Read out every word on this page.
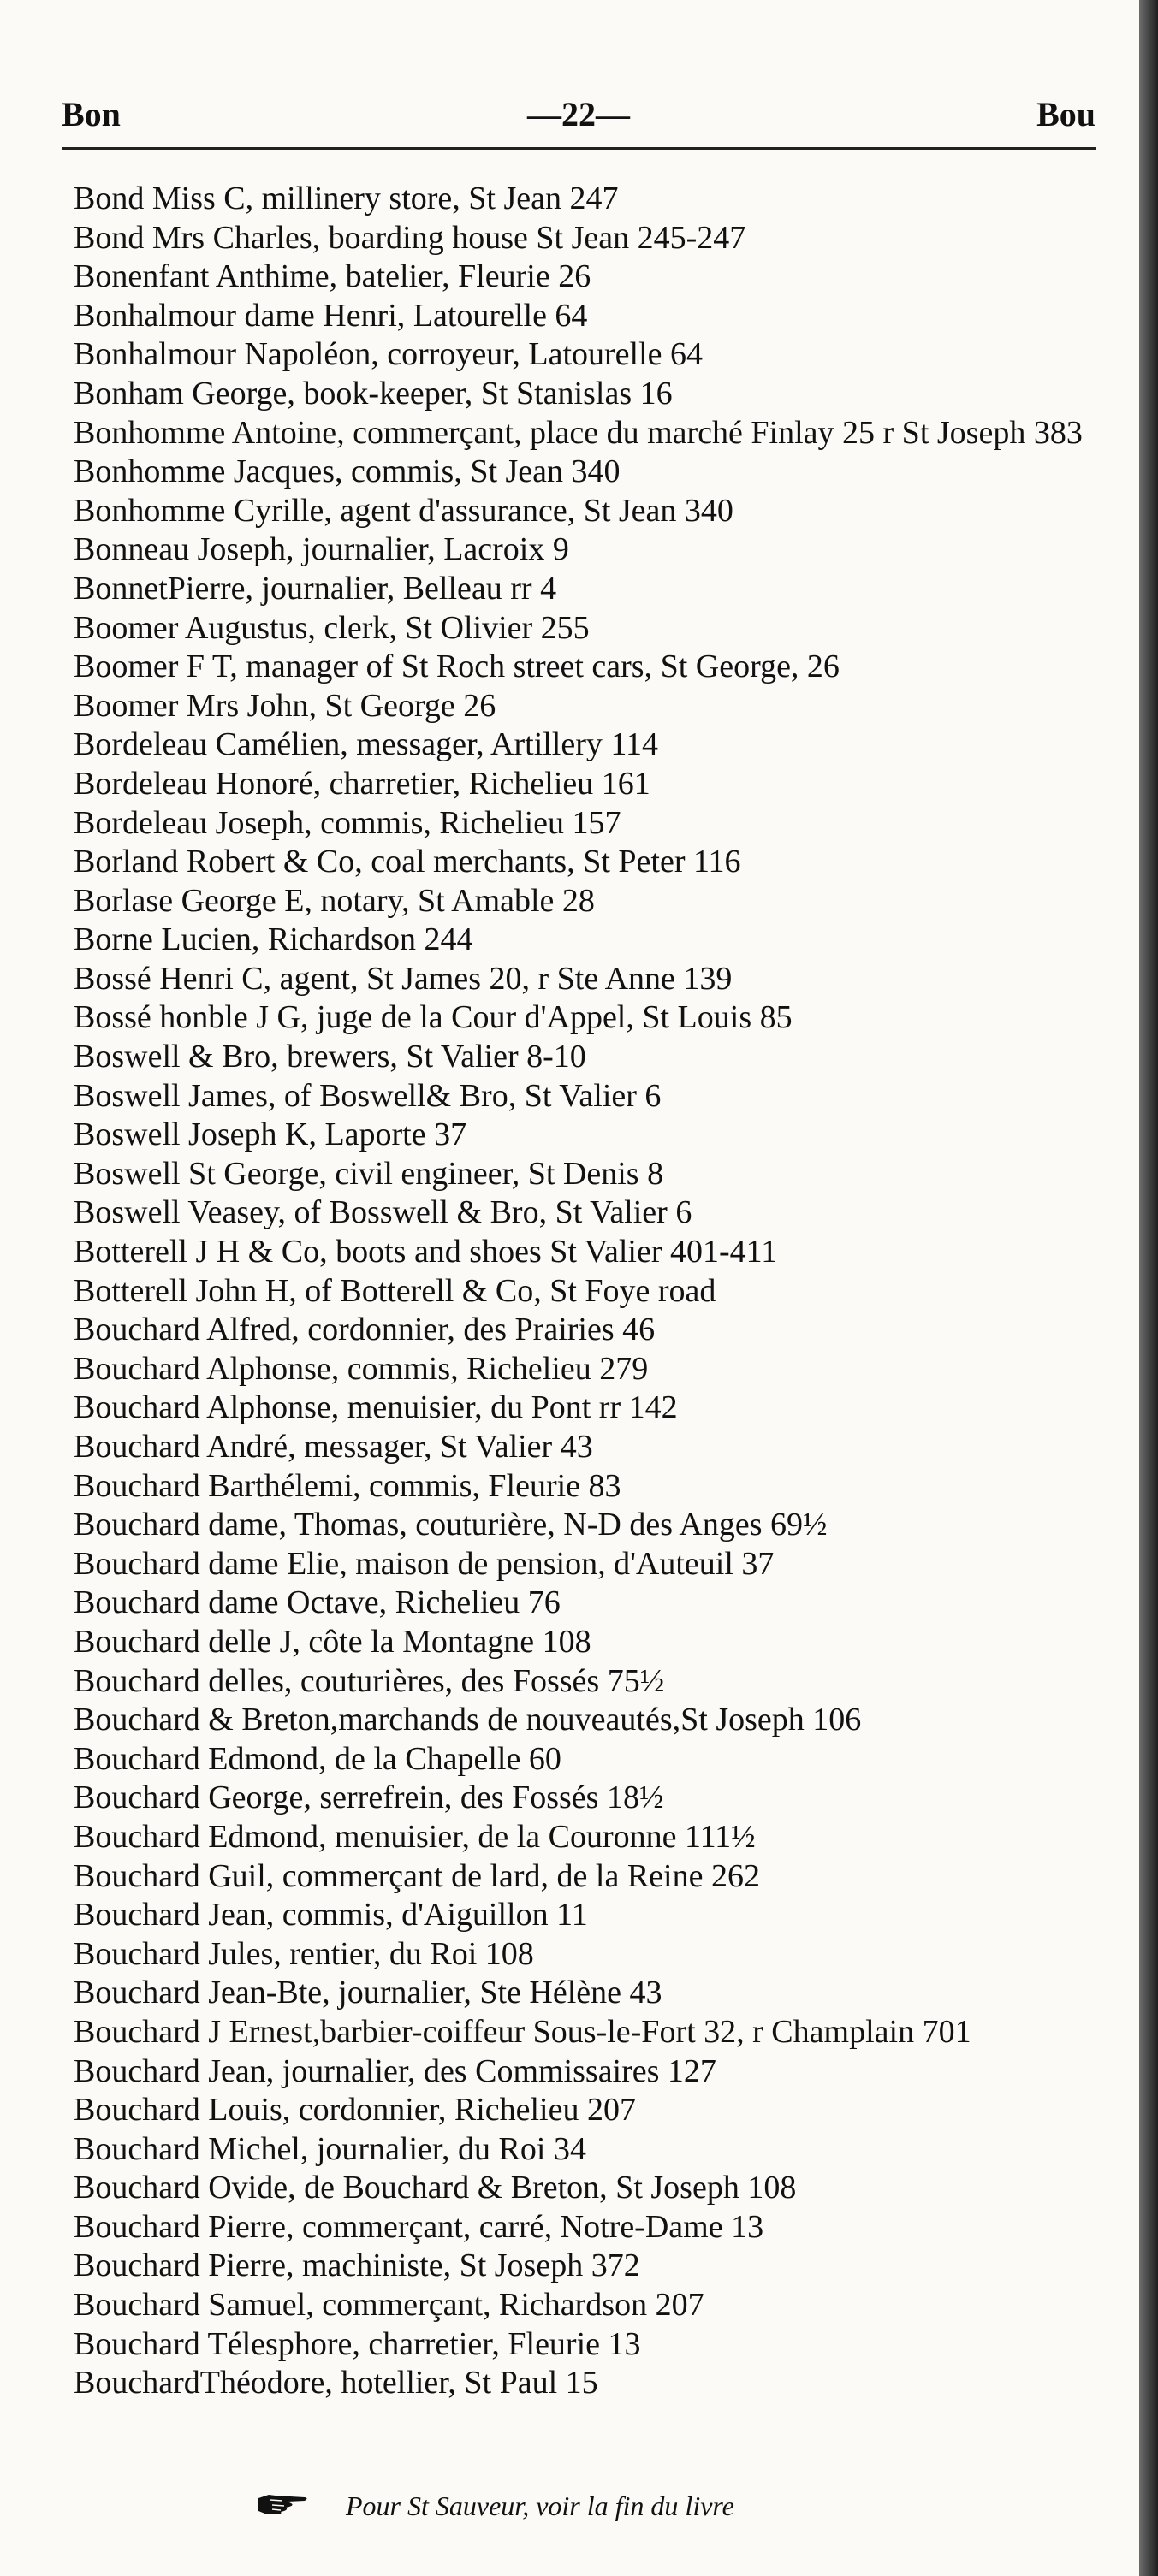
Bon	—22—	Bou
Bond Miss C, millinery store, St Jean 247
Bond Mrs Charles, boarding house St Jean 245-247
Bonenfant Anthime, batelier, Fleurie 26
Bonhalmour dame Henri, Latourelle 64
Bonhalmour Napoléon, corroyeur, Latourelle 64
Bonham George, book-keeper, St Stanislas 16
Bonhomme Antoine, commerçant, place du marché Finlay 25 r St Joseph 383
Bonhomme Jacques, commis, St Jean 340
Bonhomme Cyrille, agent d'assurance, St Jean 340
Bonneau Joseph, journalier, Lacroix 9
BonnetPierre, journalier, Belleau rr 4
Boomer Augustus, clerk, St Olivier 255
Boomer F T, manager of St Roch street cars, St George, 26
Boomer Mrs John, St George 26
Bordeleau Camélien, messager, Artillery 114
Bordeleau Honoré, charretier, Richelieu 161
Bordeleau Joseph, commis, Richelieu 157
Borland Robert & Co, coal merchants, St Peter 116
Borlase George E, notary, St Amable 28
Borne Lucien, Richardson 244
Bossé Henri C, agent, St James 20, r Ste Anne 139
Bossé honble J G, juge de la Cour d'Appel, St Louis 85
Boswell & Bro, brewers, St Valier 8-10
Boswell James, of Boswell& Bro, St Valier 6
Boswell Joseph K, Laporte 37
Boswell St George, civil engineer, St Denis 8
Boswell Veasey, of Bosswell & Bro, St Valier 6
Botterell J H & Co, boots and shoes St Valier 401-411
Botterell John H, of Botterell & Co, St Foye road
Bouchard Alfred, cordonnier, des Prairies 46
Bouchard Alphonse, commis, Richelieu 279
Bouchard Alphonse, menuisier, du Pont rr 142
Bouchard André, messager, St Valier 43
Bouchard Barthélemi, commis, Fleurie 83
Bouchard dame, Thomas, couturière, N-D des Anges 69½
Bouchard dame Elie, maison de pension, d'Auteuil 37
Bouchard dame Octave, Richelieu 76
Bouchard delle J, côte la Montagne 108
Bouchard delles, couturières, des Fossés 75½
Bouchard & Breton,marchands de nouveautés,St Joseph 106
Bouchard Edmond, de la Chapelle 60
Bouchard George, serrefrein, des Fossés 18½
Bouchard Edmond, menuisier, de la Couronne 111½
Bouchard Guil, commerçant de lard, de la Reine 262
Bouchard Jean, commis, d'Aiguillon 11
Bouchard Jules, rentier, du Roi 108
Bouchard Jean-Bte, journalier, Ste Hélène 43
Bouchard J Ernest,barbier-coiffeur Sous-le-Fort 32, r Champlain 701
Bouchard Jean, journalier, des Commissaires 127
Bouchard Louis, cordonnier, Richelieu 207
Bouchard Michel, journalier, du Roi 34
Bouchard Ovide, de Bouchard & Breton, St Joseph 108
Bouchard Pierre, commerçant, carré, Notre-Dame 13
Bouchard Pierre, machiniste, St Joseph 372
Bouchard Samuel, commerçant, Richardson 207
Bouchard Télesphore, charretier, Fleurie 13
BouchardThéodore, hotellier, St Paul 15
Pour St Sauveur, voir la fin du livre
